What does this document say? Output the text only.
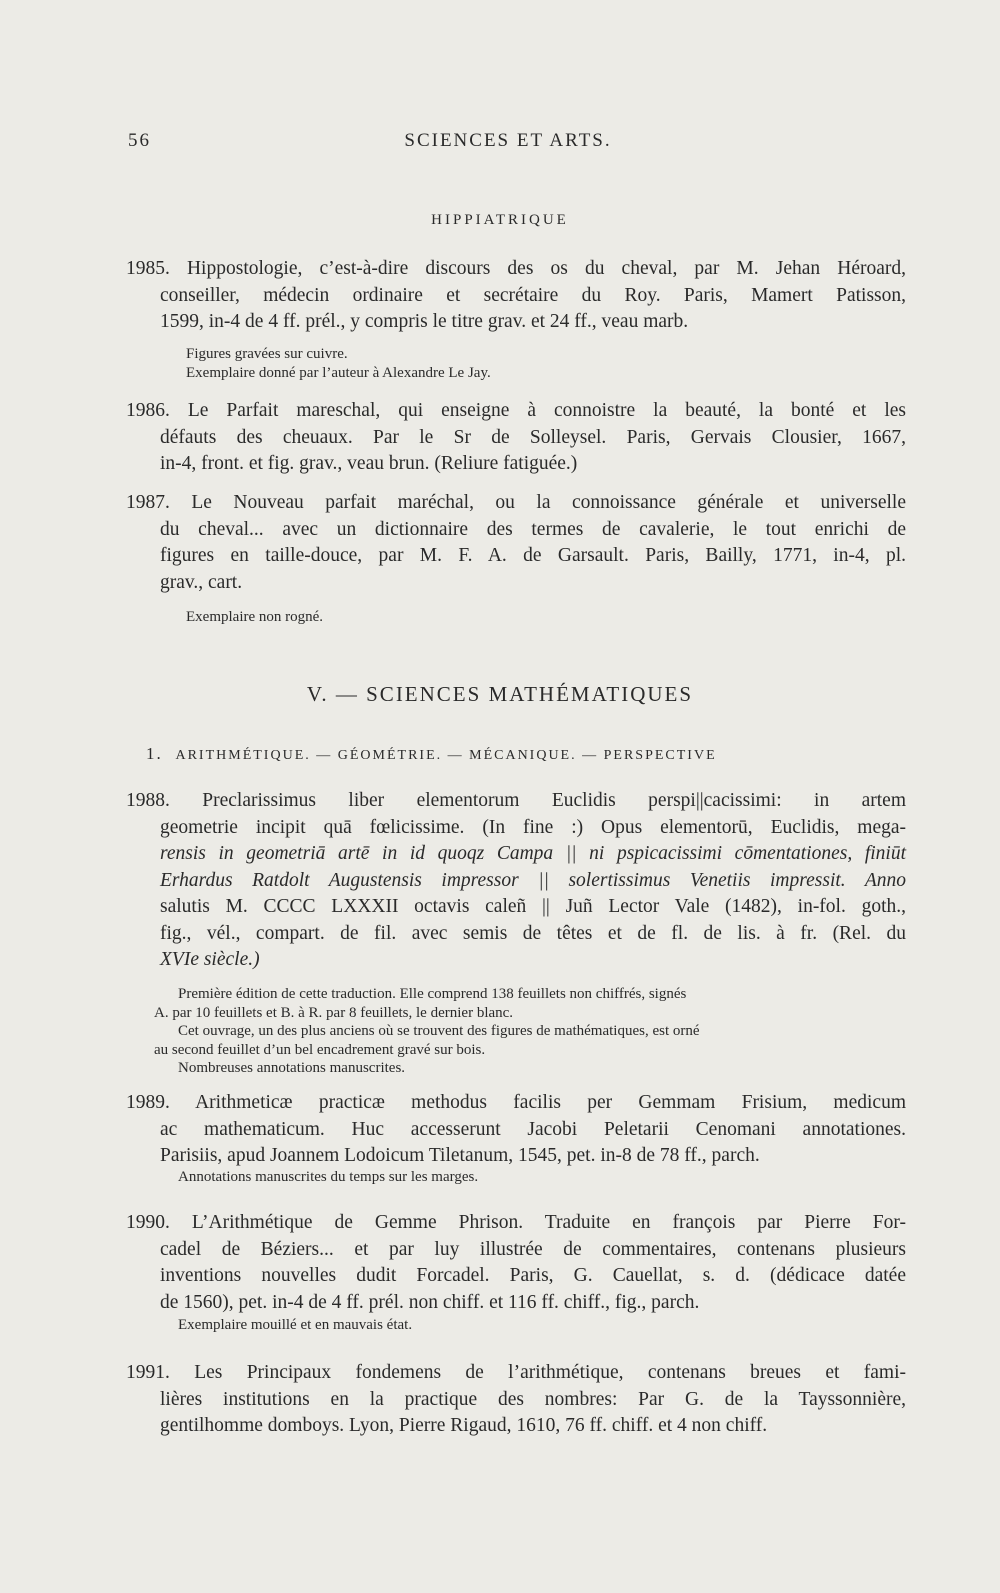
56	SCIENCES ET ARTS.
HIPPIATRIQUE
1985. Hippostologie, c’est-à-dire discours des os du cheval, par M. Jehan Héroard,
conseiller, médecin ordinaire et secrétaire du Roy. Paris, Mamert Patisson,
1599, in-4 de 4 ff. prél., y compris le titre grav. et 24 ff., veau marb.
Figures gravées sur cuivre.
Exemplaire donné par l’auteur à Alexandre Le Jay.
1986. Le Parfait mareschal, qui enseigne à connoistre la beauté, la bonté et les
défauts des cheuaux. Par le Sr de Solleysel. Paris, Gervais Clousier, 1667,
in-4, front. et fig. grav., veau brun. (Reliure fatiguée.)
1987. Le Nouveau parfait maréchal, ou la connoissance générale et universelle
du cheval... avec un dictionnaire des termes de cavalerie, le tout enrichi de
figures en taille-douce, par M. F. A. de Garsault. Paris, Bailly, 1771, in-4, pl.
grav., cart.
Exemplaire non rogné.
V. — SCIENCES MATHÉMATIQUES
1. ARITHMÉTIQUE. — GÉOMÉTRIE. — MÉCANIQUE. — PERSPECTIVE
1988. Preclarissimus liber elementorum Euclidis perspi||cacissimi: in artem
geometrie incipit quā fœlicissime. (In fine :) Opus elementorū, Euclidis, mega-
rensis in geometriā artē in id quoqz Campa || ni pspicacissimi cōmentationes, finiūt
Erhardus Ratdolt Augustensis impressor || solertissimus Venetiis impressit. Anno
salutis M. CCCC LXXXII octavis caleñ || Juñ Lector Vale (1482), in-fol. goth.,
fig., vél., compart. de fil. avec semis de têtes et de fl. de lis. à fr. (Rel. du
XVIe siècle.)
Première édition de cette traduction. Elle comprend 138 feuillets non chiffrés, signés
A. par 10 feuillets et B. à R. par 8 feuillets, le dernier blanc.
Cet ouvrage, un des plus anciens où se trouvent des figures de mathématiques, est orné
au second feuillet d’un bel encadrement gravé sur bois.
Nombreuses annotations manuscrites.
1989. Arithmeticæ practicæ methodus facilis per Gemmam Frisium, medicum
ac mathematicum. Huc accesserunt Jacobi Peletarii Cenomani annotationes.
Parisiis, apud Joannem Lodoicum Tiletanum, 1545, pet. in-8 de 78 ff., parch.
Annotations manuscrites du temps sur les marges.
1990. L’Arithmétique de Gemme Phrison. Traduite en françois par Pierre For-
cadel de Béziers... et par luy illustrée de commentaires, contenans plusieurs
inventions nouvelles dudit Forcadel. Paris, G. Cauellat, s. d. (dédicace datée
de 1560), pet. in-4 de 4 ff. prél. non chiff. et 116 ff. chiff., fig., parch.
Exemplaire mouillé et en mauvais état.
1991. Les Principaux fondemens de l’arithmétique, contenans breues et fami-
lières institutions en la practique des nombres: Par G. de la Tayssonnière,
gentilhomme domboys. Lyon, Pierre Rigaud, 1610, 76 ff. chiff. et 4 non chiff.
